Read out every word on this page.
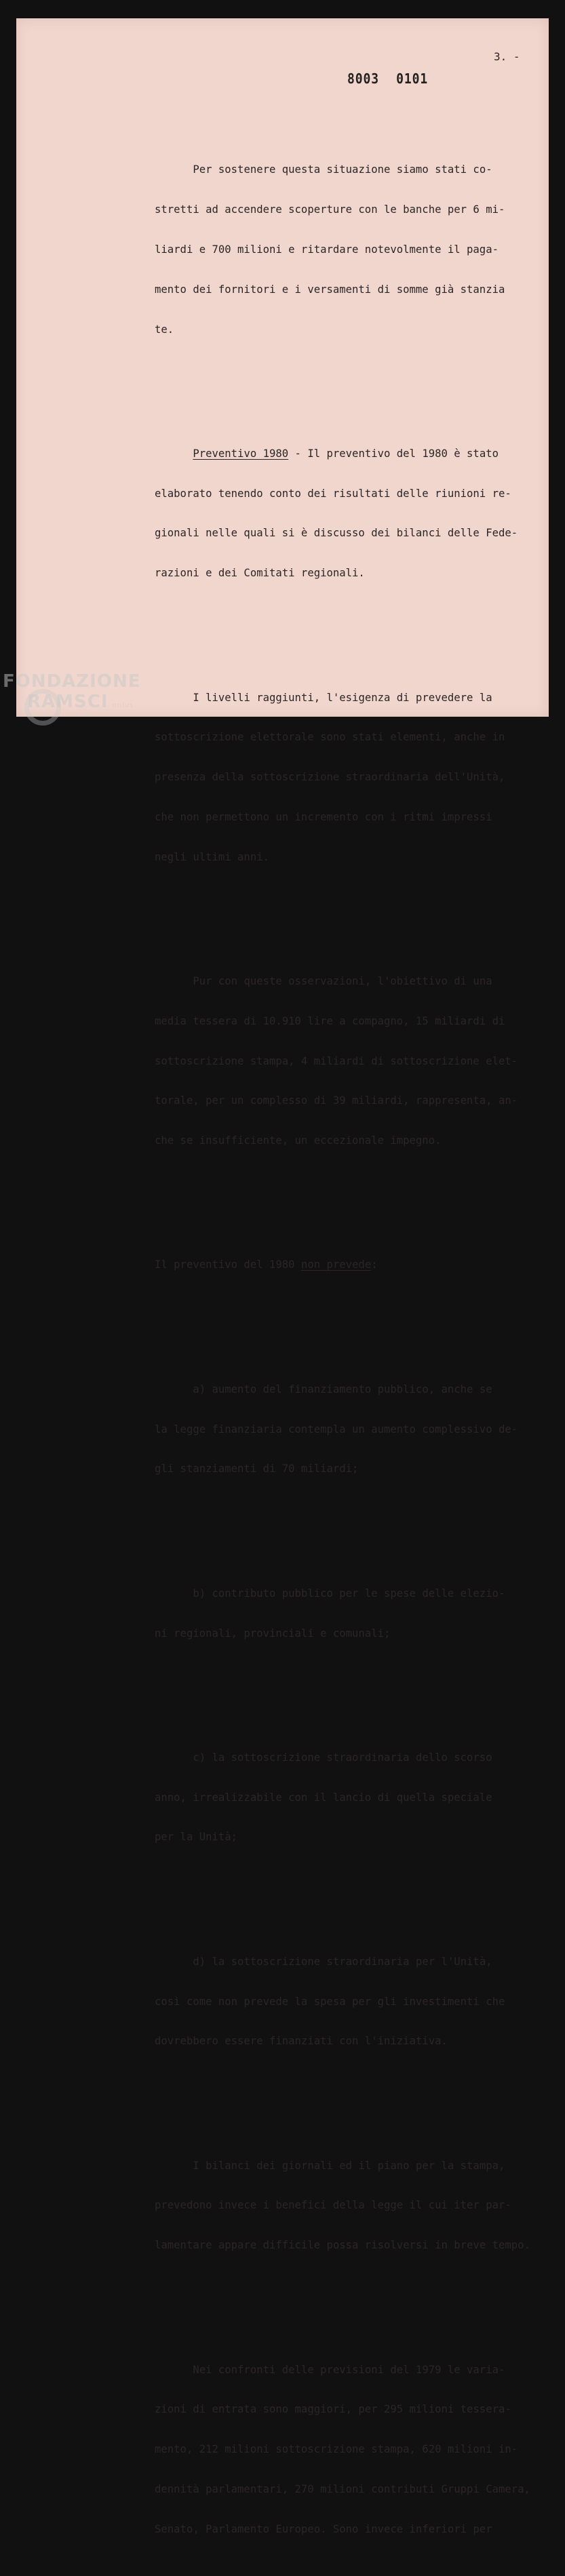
3. -
8003 0101

Per sostenere questa situazione siamo stati co-

stretti ad accendere scoperture con le banche per 6 mi-

liardi e 700 milioni e ritardare notevolmente il paga-

mento dei fornitori e i versamenti di somme già stanzia

te.

Preventivo 1980 - Il preventivo del 1980 è stato

elaborato tenendo conto dei risultati delle riunioni re-

gionali nelle quali si è discusso dei bilanci delle Fede-

razioni e dei Comitati regionali.

I livelli raggiunti, l'esigenza di prevedere la

sottoscrizione elettorale sono stati elementi, anche in

presenza della sottoscrizione straordinaria dell'Unità,

che non permettono un incremento con i ritmi impressi

negli ultimi anni.

Pur con queste osservazioni, l'obiettivo di una

media tessera di 10.910 lire a compagno, 15 miliardi di

sottoscrizione stampa, 4 miliardi di sottoscrizione elet-

torale, per un complesso di 39 miliardi, rappresenta, an-

che se insufficiente, un eccezionale impegno.

Il preventivo del 1980 non prevede:

a) aumento del finanziamento pubblico, anche se

la legge finanziaria contempla un aumento complessivo de-

gli stanziamenti di 70 miliardi;

b) contributo pubblico per le spese delle elezio-

ni regionali, provinciali e comunali;

c) la sottoscrizione straordinaria dello scorso

anno, irrealizzabile con il lancio di quella speciale

per la Unità;

d) la sottoscrizione straordinaria per l'Unità,

così come non prevede la spesa per gli investimenti che

dovrebbero essere finanziati con l'iniziativa.

I bilanci dei giornali ed il piano per la stampa,

prevedono invece i benefici della legge il cui iter par-

lamentare appare difficile possa risolversi in breve tempo.

Nei confronti delle previsioni del 1979 le varia-

zioni di entrata sono maggiori, per 295 milioni tessera-

mento, 212 milioni sottoscrizione stampa, 620 milioni in-

dennità parlamentari, 270 milioni contributi Gruppi Camera,

Senato, Parlamento Europeo. Sono invece inferiori per

FONDAZIONE
RAMSCI onlus
